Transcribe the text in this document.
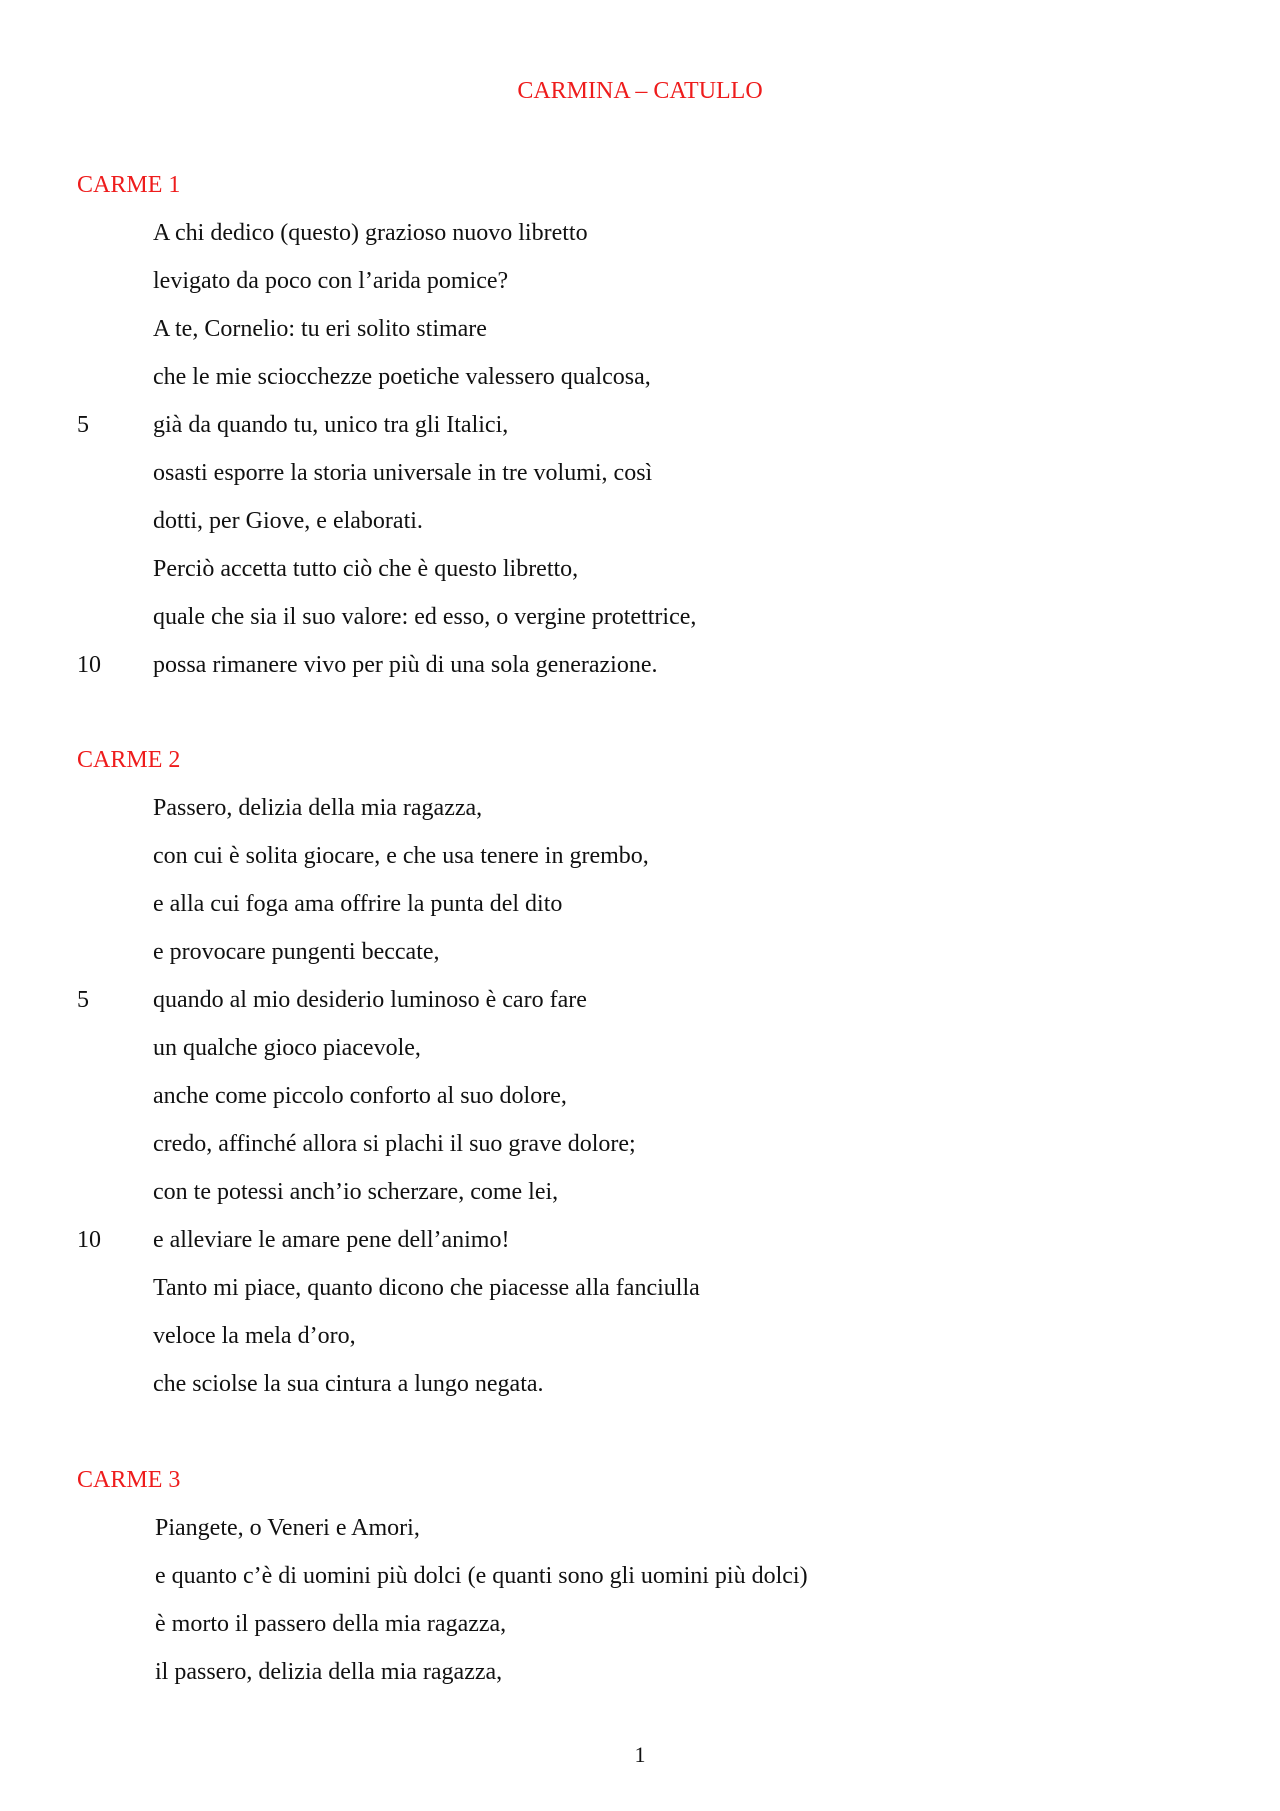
CARMINA – CATULLO
CARME 1
A chi dedico (questo) grazioso nuovo libretto
levigato da poco con l’arida pomice?
A te, Cornelio: tu eri solito stimare
che le mie sciocchezze poetiche valessero qualcosa,
5	già da quando tu, unico tra gli Italici,
osasti esporre la storia universale in tre volumi, così
dotti, per Giove, e elaborati.
Perciò accetta tutto ciò che è questo libretto,
quale che sia il suo valore: ed esso, o vergine protettrice,
10 possa rimanere vivo per più di una sola generazione.
CARME 2
Passero, delizia della mia ragazza,
con cui è solita giocare, e che usa tenere in grembo,
e alla cui foga ama offrire la punta del dito
e provocare pungenti beccate,
5	quando al mio desiderio luminoso è caro fare
un qualche gioco piacevole,
anche come piccolo conforto al suo dolore,
credo, affinché allora si plachi il suo grave dolore;
con te potessi anch’io scherzare, come lei,
10 e alleviare le amare pene dell’animo!
Tanto mi piace, quanto dicono che piacesse alla fanciulla
veloce la mela d’oro,
che sciolse la sua cintura a lungo negata.
CARME 3
Piangete, o Veneri e Amori,
e quanto c’è di uomini più dolci (e quanti sono gli uomini più dolci)
è morto il passero della mia ragazza,
il passero, delizia della mia ragazza,
1
